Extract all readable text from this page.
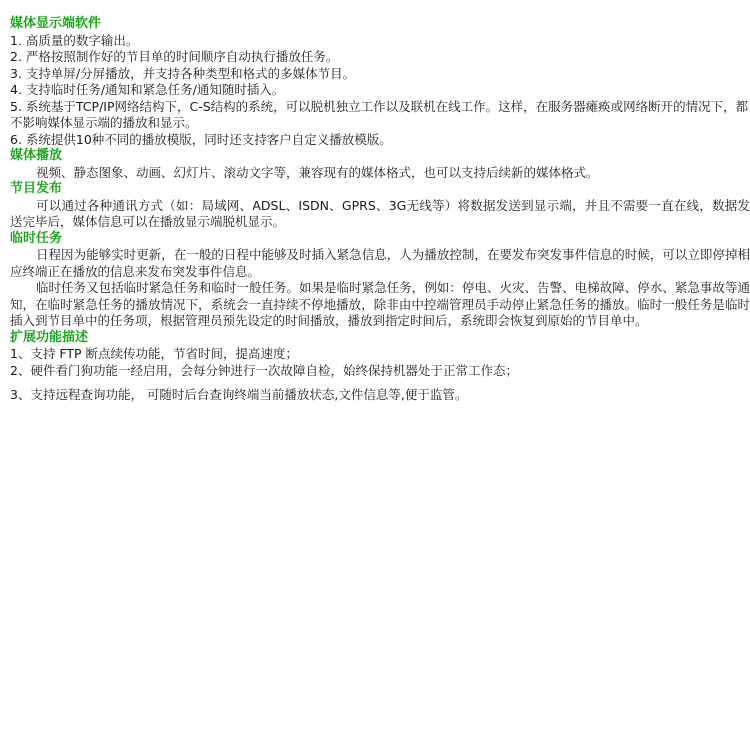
媒体显示端软件
1. 高质量的数字输出。
2. 严格按照制作好的节目单的时间顺序自动执行播放任务。
3. 支持单屏/分屏播放，并支持各种类型和格式的多媒体节目。
4. 支持临时任务/通知和紧急任务/通知随时插入。
5. 系统基于TCP/IP网络结构下，C-S结构的系统，可以脱机独立工作以及联机在线工作。这样，在服务器瘫痪或网络断开的情况下，都不影响媒体显示端的播放和显示。
6. 系统提供10种不同的播放模版，同时还支持客户自定义播放模版。
媒体播放
视频、静态图象、动画、幻灯片、滚动文字等，兼容现有的媒体格式，也可以支持后续新的媒体格式。
节目发布
可以通过各种通讯方式（如：局域网、ADSL、ISDN、GPRS、3G无线等）将数据发送到显示端，并且不需要一直在线，数据发送完毕后，媒体信息可以在播放显示端脱机显示。
临时任务
日程因为能够实时更新，在一般的日程中能够及时插入紧急信息，人为播放控制，在要发布突发事件信息的时候，可以立即停掉相应终端正在播放的信息来发布突发事件信息。
临时任务又包括临时紧急任务和临时一般任务。如果是临时紧急任务，例如：停电、火灾、告警、电梯故障、停水、紧急事故等通知，在临时紧急任务的播放情况下，系统会一直持续不停地播放，除非由中控端管理员手动停止紧急任务的播放。临时一般任务是临时插入到节目单中的任务项，根据管理员预先设定的时间播放，播放到指定时间后，系统即会恢复到原始的节目单中。
扩展功能描述
1、支持 FTP 断点续传功能，节省时间，提高速度；
2、硬件看门狗功能一经启用，会每分钟进行一次故障自检，始终保持机器处于正常工作态；
3、支持远程查询功能， 可随时后台查询终端当前播放状态,文件信息等,便于监管。
